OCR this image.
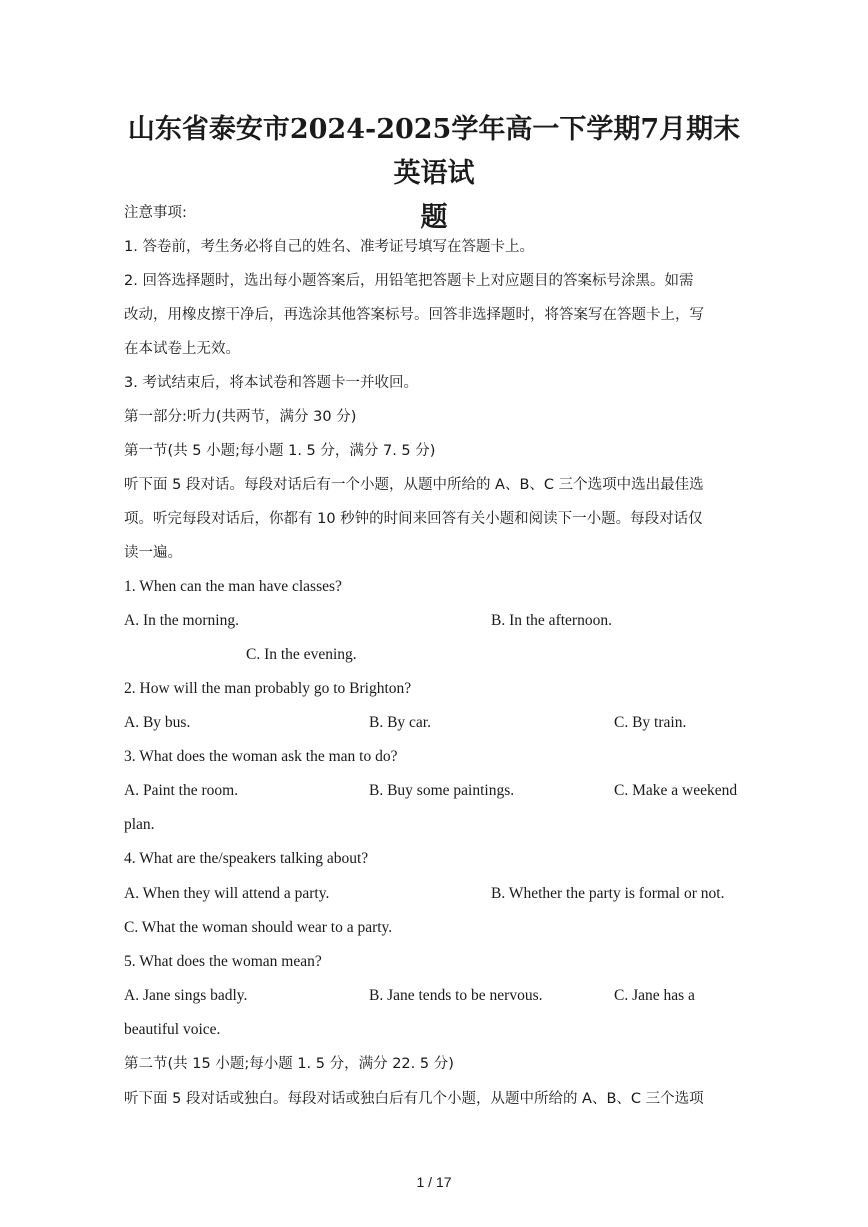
山东省泰安市2024-2025学年高一下学期7月期末英语试
题
注意事项:
1. 答卷前，考生务必将自己的姓名、准考证号填写在答题卡上。
2. 回答选择题时，选出每小题答案后，用铅笔把答题卡上对应题目的答案标号涂黑。如需
改动，用橡皮擦干净后，再选涂其他答案标号。回答非选择题时，将答案写在答题卡上，写
在本试卷上无效。
3. 考试结束后，将本试卷和答题卡一并收回。
第一部分:听力(共两节，满分 30 分)
第一节(共 5 小题;每小题 1. 5 分，满分 7. 5 分)
听下面 5 段对话。每段对话后有一个小题，从题中所给的 A、B、C 三个选项中选出最佳选
项。听完每段对话后，你都有 10 秒钟的时间来回答有关小题和阅读下一小题。每段对话仅
读一遍。
1. When can the man have classes?
A. In the morning.	B. In the afternoon.
C. In the evening.
2. How will the man probably go to Brighton?
A. By bus.	B. By car.	C. By train.
3. What does the woman ask the man to do?
A. Paint the room.	B. Buy some paintings.	C. Make a weekend
plan.
4. What are the/speakers talking about?
A. When they will attend a party.	B. Whether the party is formal or not.
C. What the woman should wear to a party.
5. What does the woman mean?
A. Jane sings badly.	B. Jane tends to be nervous.	C. Jane has a
beautiful voice.
第二节(共 15 小题;每小题 1. 5 分，满分 22. 5 分)
听下面 5 段对话或独白。每段对话或独白后有几个小题，从题中所给的 A、B、C 三个选项
1 / 17
